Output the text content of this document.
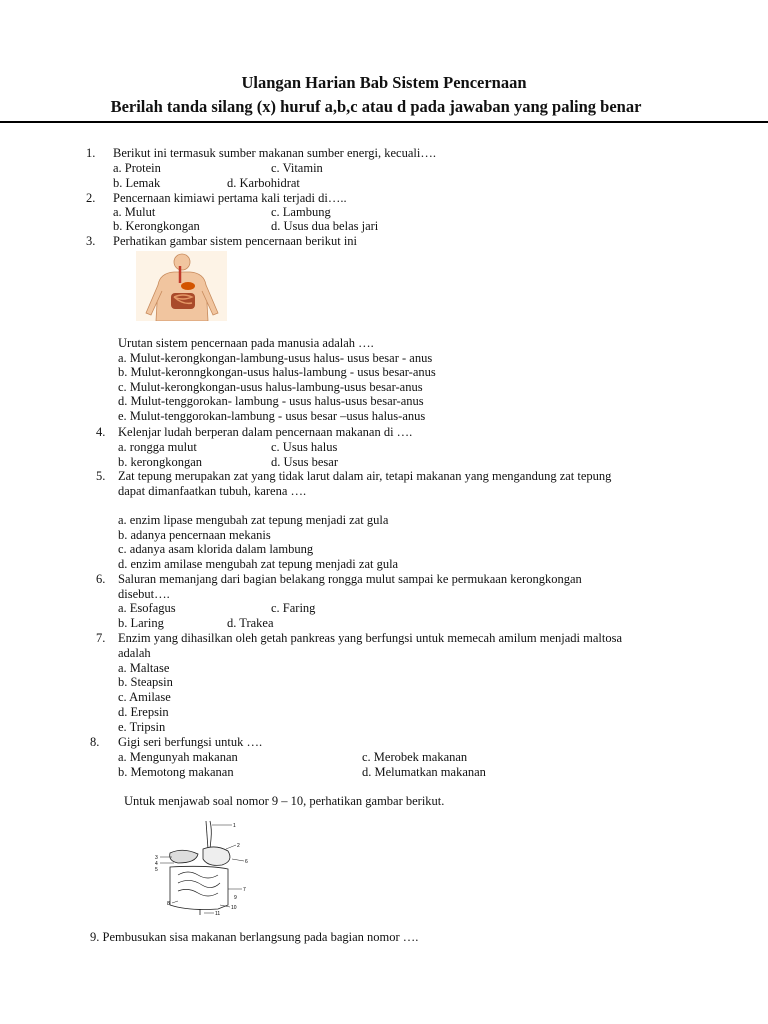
Ulangan Harian Bab Sistem Pencernaan
Berilah tanda silang (x) huruf a,b,c atau d pada jawaban yang paling benar
1. Berikut ini termasuk sumber makanan sumber energi, kecuali….
a. Protein	c. Vitamin
b. Lemak	d. Karbohidrat
2. Pencernaan kimiawi pertama kali terjadi di…..
a. Mulut	c. Lambung
b. Kerongkongan	d. Usus dua belas jari
3. Perhatikan gambar sistem pencernaan berikut ini
Urutan sistem pencernaan pada manusia adalah ….
a. Mulut-kerongkongan-lambung-usus halus- usus besar - anus
b. Mulut-keronngkongan-usus halus-lambung - usus besar-anus
c. Mulut-kerongkongan-usus halus-lambung-usus besar-anus
d. Mulut-tenggorokan- lambung - usus halus-usus besar-anus
e. Mulut-tenggorokan-lambung - usus besar –usus halus-anus
4. Kelenjar ludah berperan dalam pencernaan makanan di ….
a. rongga mulut	c. Usus halus
b. kerongkongan	d. Usus besar
5. Zat tepung merupakan zat yang tidak larut dalam air, tetapi makanan yang mengandung zat tepung
dapat dimanfaatkan tubuh, karena ….
a. enzim lipase mengubah zat tepung menjadi zat gula
b. adanya pencernaan mekanis
c. adanya asam klorida dalam lambung
d. enzim amilase mengubah zat tepung menjadi zat gula
6. Saluran memanjang dari bagian belakang rongga mulut sampai ke permukaan kerongkongan
disebut….
a. Esofagus	c. Faring
b. Laring	d. Trakea
7. Enzim yang dihasilkan oleh getah pankreas yang berfungsi untuk memecah amilum menjadi maltosa
adalah
a. Maltase
b. Steapsin
c. Amilase
d. Erepsin
e. Tripsin
8. Gigi seri berfungsi untuk ….
a. Mengunyah makanan	c. Merobek makanan
b. Memotong makanan	d. Melumatkan makanan
Untuk menjawab soal nomor 9 – 10, perhatikan gambar berikut.
1
2
3
4
5
6
7
8
9
10
11
9. Pembusukan sisa makanan berlangsung pada bagian nomor ….
